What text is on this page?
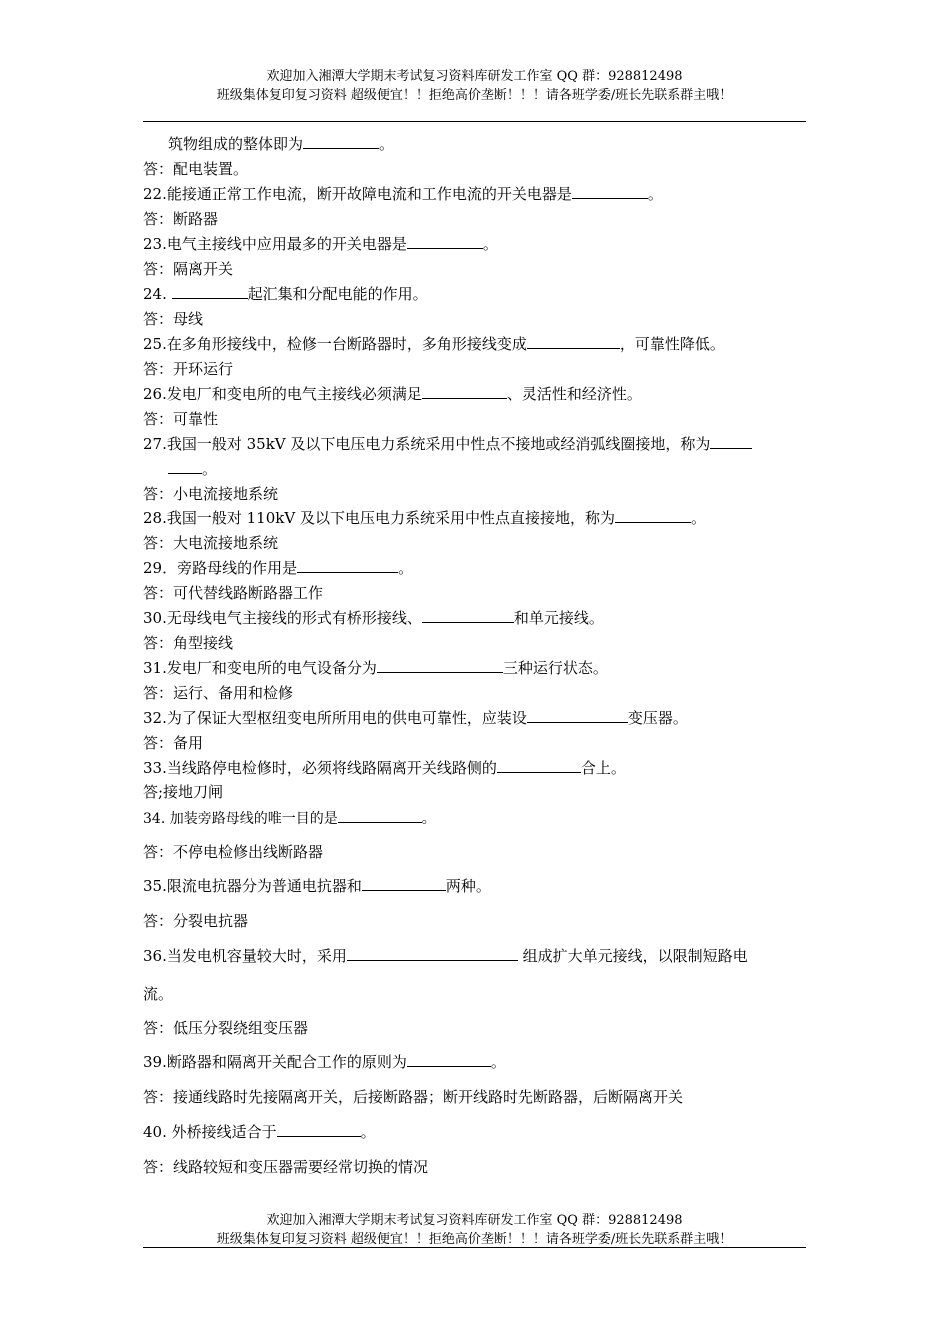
欢迎加入湘潭大学期末考试复习资料库研发工作室 QQ 群：928812498
班级集体复印复习资料 超级便宜！！拒绝高价垄断！！！请各班学委/班长先联系群主哦！
筑物组成的整体即为	。
答：配电装置。
22.能接通正常工作电流，断开故障电流和工作电流的开关电器是	。
答：断路器
23.电气主接线中应用最多的开关电器是	。
答：隔离开关
24.	起汇集和分配电能的作用。
答：母线
25.在多角形接线中，检修一台断路器时，多角形接线变成	，可靠性降低。
答：开环运行
26.发电厂和变电所的电气主接线必须满足	、灵活性和经济性。
答：可靠性
27.我国一般对 35kV 及以下电压电力系统采用中性点不接地或经消弧线圈接地，称为
。
答：小电流接地系统
28.我国一般对 110kV 及以下电压电力系统采用中性点直接接地，称为	。
答：大电流接地系统
29．旁路母线的作用是	。
答：可代替线路断路器工作
30.无母线电气主接线的形式有桥形接线、	和单元接线。
答：角型接线
31.发电厂和变电所的电气设备分为	三种运行状态。
答：运行、备用和检修
32.为了保证大型枢纽变电所所用电的供电可靠性，应装设	变压器。
答：备用
33.当线路停电检修时，必须将线路隔离开关线路侧的	合上。
答;接地刀闸
34. 加装旁路母线的唯一目的是	。
答：不停电检修出线断路器
35.限流电抗器分为普通电抗器和	两种。
答：分裂电抗器
36.当发电机容量较大时，采用	组成扩大单元接线，以限制短路电
流。
答：低压分裂绕组变压器
39.断路器和隔离开关配合工作的原则为	。
答：接通线路时先接隔离开关，后接断路器；断开线路时先断路器，后断隔离开关
40. 外桥接线适合于	。
答：线路较短和变压器需要经常切换的情况
欢迎加入湘潭大学期末考试复习资料库研发工作室 QQ 群：928812498
班级集体复印复习资料 超级便宜！！拒绝高价垄断！！！请各班学委/班长先联系群主哦！
